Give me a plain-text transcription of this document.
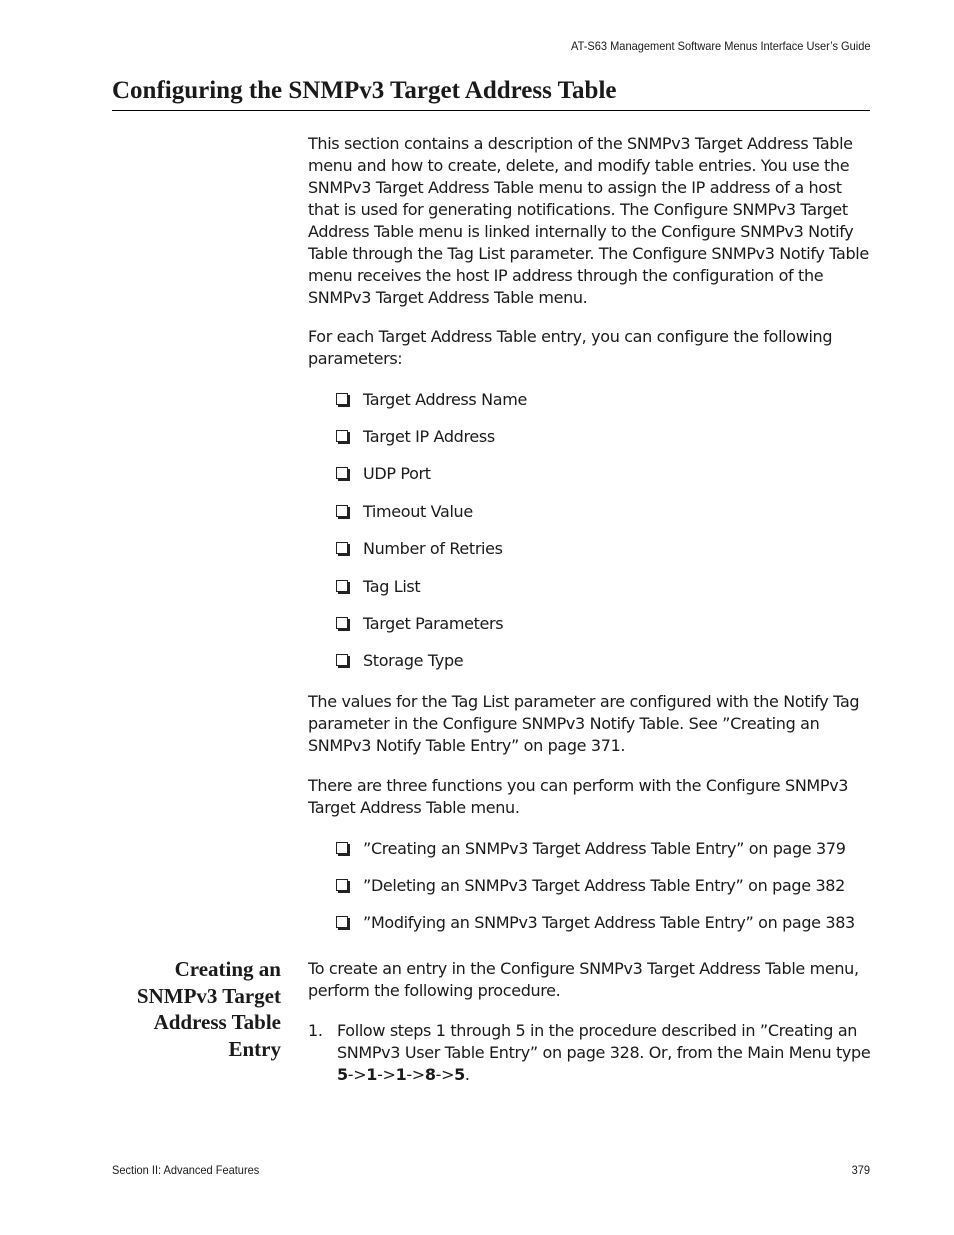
AT-S63 Management Software Menus Interface User’s Guide
Configuring the SNMPv3 Target Address Table
This section contains a description of the SNMPv3 Target Address Table menu and how to create, delete, and modify table entries. You use the SNMPv3 Target Address Table menu to assign the IP address of a host that is used for generating notifications. The Configure SNMPv3 Target Address Table menu is linked internally to the Configure SNMPv3 Notify Table through the Tag List parameter. The Configure SNMPv3 Notify Table menu receives the host IP address through the configuration of the SNMPv3 Target Address Table menu.
For each Target Address Table entry, you can configure the following parameters:
Target Address Name
Target IP Address
UDP Port
Timeout Value
Number of Retries
Tag List
Target Parameters
Storage Type
The values for the Tag List parameter are configured with the Notify Tag parameter in the Configure SNMPv3 Notify Table. See ”Creating an SNMPv3 Notify Table Entry” on page 371.
There are three functions you can perform with the Configure SNMPv3 Target Address Table menu.
”Creating an SNMPv3 Target Address Table Entry” on page 379
”Deleting an SNMPv3 Target Address Table Entry” on page 382
”Modifying an SNMPv3 Target Address Table Entry” on page 383
Creating an
SNMPv3 Target
Address Table
Entry
To create an entry in the Configure SNMPv3 Target Address Table menu, perform the following procedure.
1. Follow steps 1 through 5 in the procedure described in ”Creating an SNMPv3 User Table Entry” on page 328. Or, from the Main Menu type 5->1->1->8->5.
Section II: Advanced Features	379
